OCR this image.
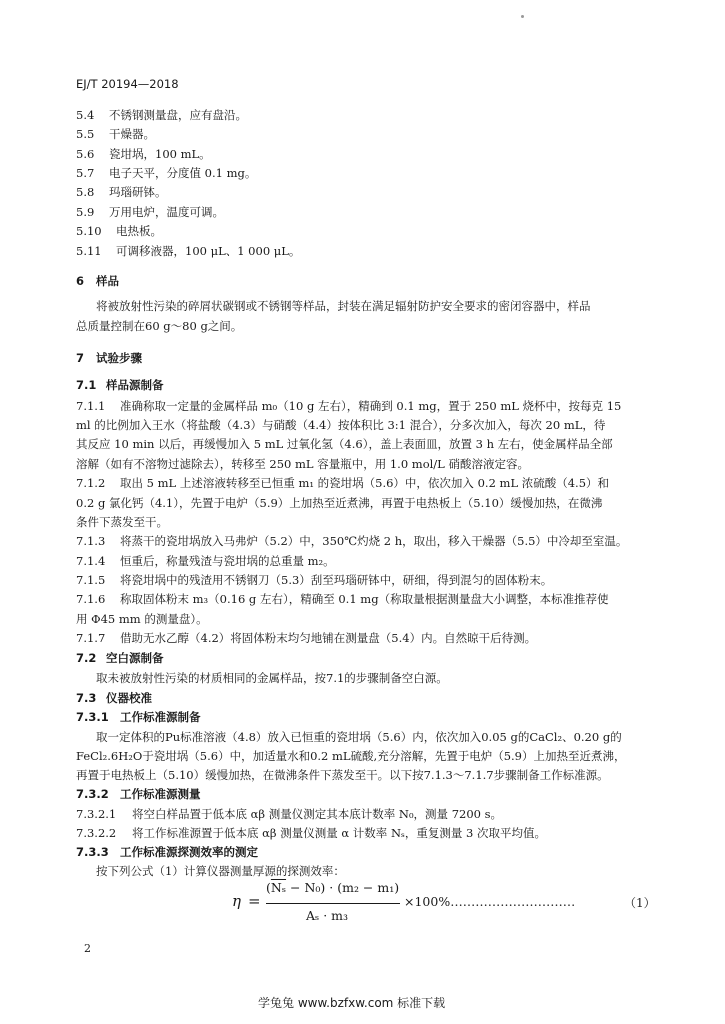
EJ/T 20194—2018
5.4 不锈钢测量盘，应有盘沿。
5.5 干燥器。
5.6 瓷坩埚，100 mL。
5.7 电子天平，分度值 0.1 mg。
5.8 玛瑙研钵。
5.9 万用电炉，温度可调。
5.10 电热板。
5.11 可调移液器，100 μL、1 000 μL。
6 样品
将被放射性污染的碎屑状碳钢或不锈钢等样品，封装在满足辐射防护安全要求的密闭容器中，样品
总质量控制在60 g～80 g之间。
7 试验步骤
7.1 样品源制备
7.1.1 准确称取一定量的金属样品 m₀（10 g 左右），精确到 0.1 mg，置于 250 mL 烧杯中，按每克 15
ml 的比例加入王水（将盐酸（4.3）与硝酸（4.4）按体积比 3:1 混合），分多次加入，每次 20 mL，待
其反应 10 min 以后，再缓慢加入 5 mL 过氧化氢（4.6），盖上表面皿，放置 3 h 左右，使金属样品全部
溶解（如有不溶物过滤除去），转移至 250 mL 容量瓶中，用 1.0 mol/L 硝酸溶液定容。
7.1.2 取出 5 mL 上述溶液转移至已恒重 m₁ 的瓷坩埚（5.6）中，依次加入 0.2 mL 浓硫酸（4.5）和
0.2 g 氯化钙（4.1），先置于电炉（5.9）上加热至近煮沸，再置于电热板上（5.10）缓慢加热，在微沸
条件下蒸发至干。
7.1.3 将蒸干的瓷坩埚放入马弗炉（5.2）中，350℃灼烧 2 h，取出，移入干燥器（5.5）中冷却至室温。
7.1.4 恒重后，称量残渣与瓷坩埚的总重量 m₂。
7.1.5 将瓷坩埚中的残渣用不锈钢刀（5.3）刮至玛瑙研钵中，研细，得到混匀的固体粉末。
7.1.6 称取固体粉末 m₃（0.16 g 左右），精确至 0.1 mg（称取量根据测量盘大小调整，本标准推荐使
用 Φ45 mm 的测量盘）。
7.1.7 借助无水乙醇（4.2）将固体粉末均匀地铺在测量盘（5.4）内。自然晾干后待测。
7.2 空白源制备
取未被放射性污染的材质相同的金属样品，按7.1的步骤制备空白源。
7.3 仪器校准
7.3.1 工作标准源制备
取一定体积的Pu标准溶液（4.8）放入已恒重的瓷坩埚（5.6）内，依次加入0.05 g的CaCl₂、0.20 g的
FeCl₂.6H₂O于瓷坩埚（5.6）中，加适量水和0.2 mL硫酸,充分溶解，先置于电炉（5.9）上加热至近煮沸，
再置于电热板上（5.10）缓慢加热，在微沸条件下蒸发至干。以下按7.1.3～7.1.7步骤制备工作标准源。
7.3.2 工作标准源测量
7.3.2.1 将空白样品置于低本底 αβ 测量仪测定其本底计数率 N₀，测量 7200 s。
7.3.2.2 将工作标准源置于低本底 αβ 测量仪测量 α 计数率 Nₛ，重复测量 3 次取平均值。
7.3.3 工作标准源探测效率的测定
按下列公式（1）计算仪器测量厚源的探测效率：
η =
$(\overline{N_s} - N_0) \cdot (m_2 - m_1)$
Aₛ · m₃
×100%…………………………	（1）
2
学兔兔 www.bzfxw.com 标准下载
